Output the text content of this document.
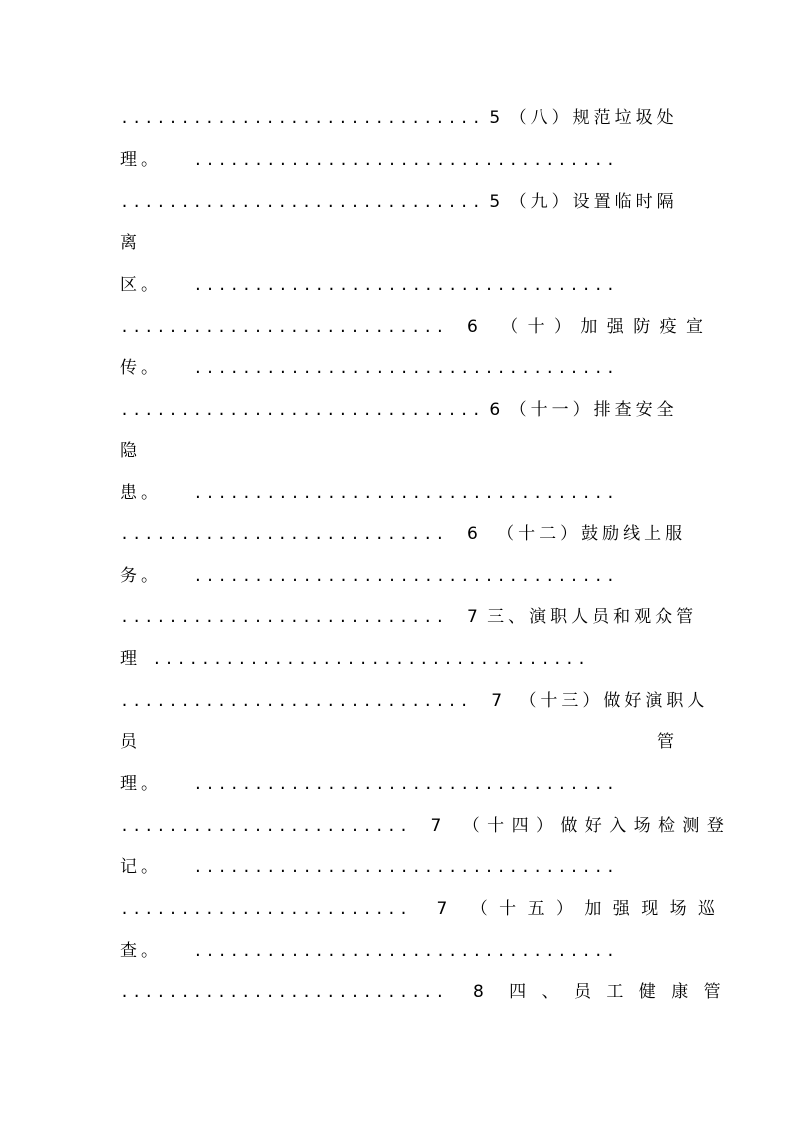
.............................. 5 （八）规范垃圾处
理。 ...................................
.............................. 5 （九）设置临时隔
离
区。 ...................................
........................... 6 （ 十 ） 加 强 防 疫 宣
传。 ...................................
.............................. 6 （十一）排查安全
隐
患。 ...................................
........................... 6 （十二）鼓励线上服
务。 ...................................
........................... 7 三、演职人员和观众管
理 ....................................
............................. 7 （十三）做好演职人
员	管
理。 ...................................
........................ 7 （ 十 四 ） 做 好 入 场 检 测 登
记。 ...................................
........................ 7 （ 十 五 ） 加 强 现 场 巡
查。 ...................................
........................... 8 四 、 员 工 健 康 管
